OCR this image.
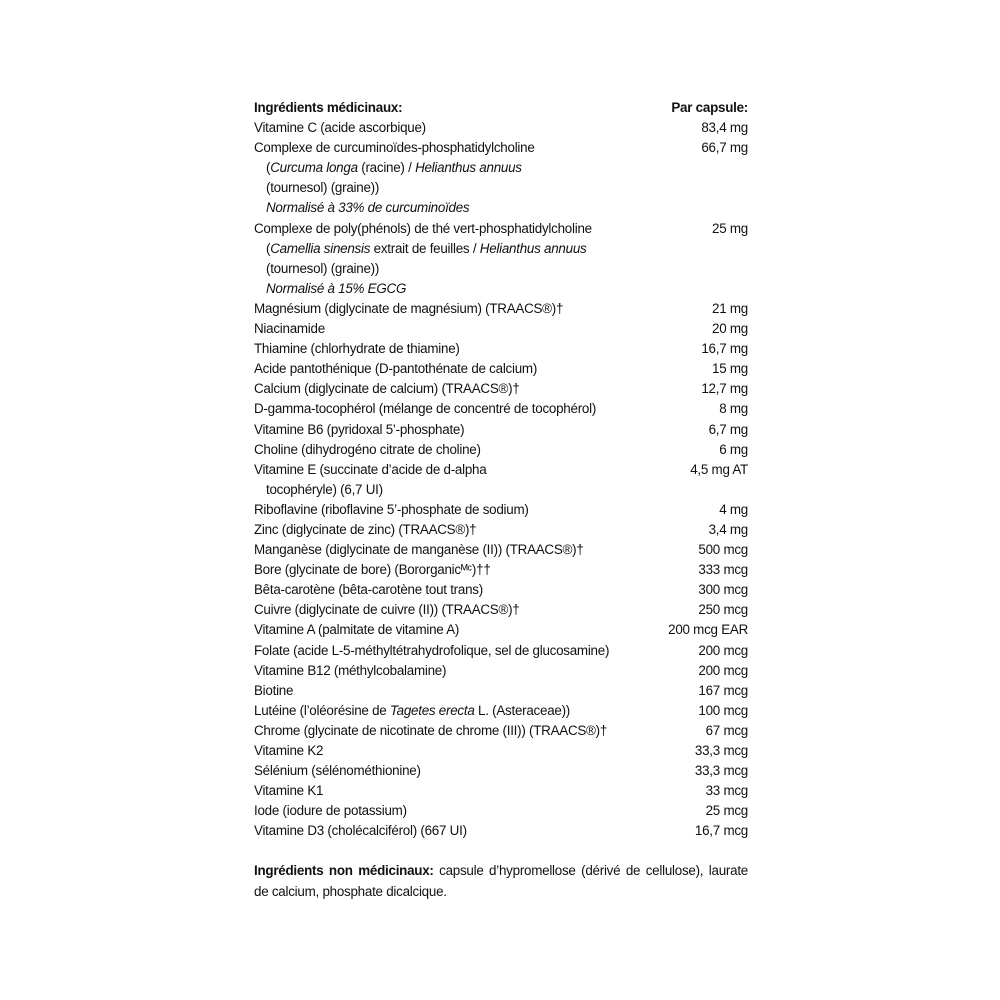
Ingrédients médicinaux:	Par capsule:
Vitamine C (acide ascorbique)	83,4 mg
Complexe de curcuminoïdes-phosphatidylcholine	66,7 mg
(Curcuma longa (racine) / Helianthus annuus
(tournesol) (graine))
Normalisé à 33% de curcuminoïdes
Complexe de poly(phénols) de thé vert-phosphatidylcholine	25 mg
(Camellia sinensis extrait de feuilles / Helianthus annuus
(tournesol) (graine))
Normalisé à 15% EGCG
Magnésium (diglycinate de magnésium) (TRAACS®)†	21 mg
Niacinamide	20 mg
Thiamine (chlorhydrate de thiamine)	16,7 mg
Acide pantothénique (D-pantothénate de calcium)	15 mg
Calcium (diglycinate de calcium) (TRAACS®)†	12,7 mg
D-gamma-tocophérol (mélange de concentré de tocophérol)	8 mg
Vitamine B6 (pyridoxal 5’-phosphate)	6,7 mg
Choline (dihydrogéno citrate de choline)	6 mg
Vitamine E (succinate d’acide de d-alpha	4,5 mg AT
tocophéryle) (6,7 UI)
Riboflavine (riboflavine 5’-phosphate de sodium)	4 mg
Zinc (diglycinate de zinc) (TRAACS®)†	3,4 mg
Manganèse (diglycinate de manganèse (II)) (TRAACS®)†	500 mcg
Bore (glycinate de bore) (Bororganicᴹᶜ)††	333 mcg
Bêta-carotène (bêta-carotène tout trans)	300 mcg
Cuivre (diglycinate de cuivre (II)) (TRAACS®)†	250 mcg
Vitamine A (palmitate de vitamine A)	200 mcg EAR
Folate (acide L-5-méthyltétrahydrofolique, sel de glucosamine)	200 mcg
Vitamine B12 (méthylcobalamine)	200 mcg
Biotine	167 mcg
Lutéine (l’oléorésine de Tagetes erecta L. (Asteraceae))	100 mcg
Chrome (glycinate de nicotinate de chrome (III)) (TRAACS®)†	67 mcg
Vitamine K2	33,3 mcg
Sélénium (sélénométhionine)	33,3 mcg
Vitamine K1	33 mcg
Iode (iodure de potassium)	25 mcg
Vitamine D3 (cholécalciférol) (667 UI)	16,7 mcg
Ingrédients non médicinaux: capsule d’hypromellose (dérivé de cellulose), laurate de calcium, phosphate dicalcique.
